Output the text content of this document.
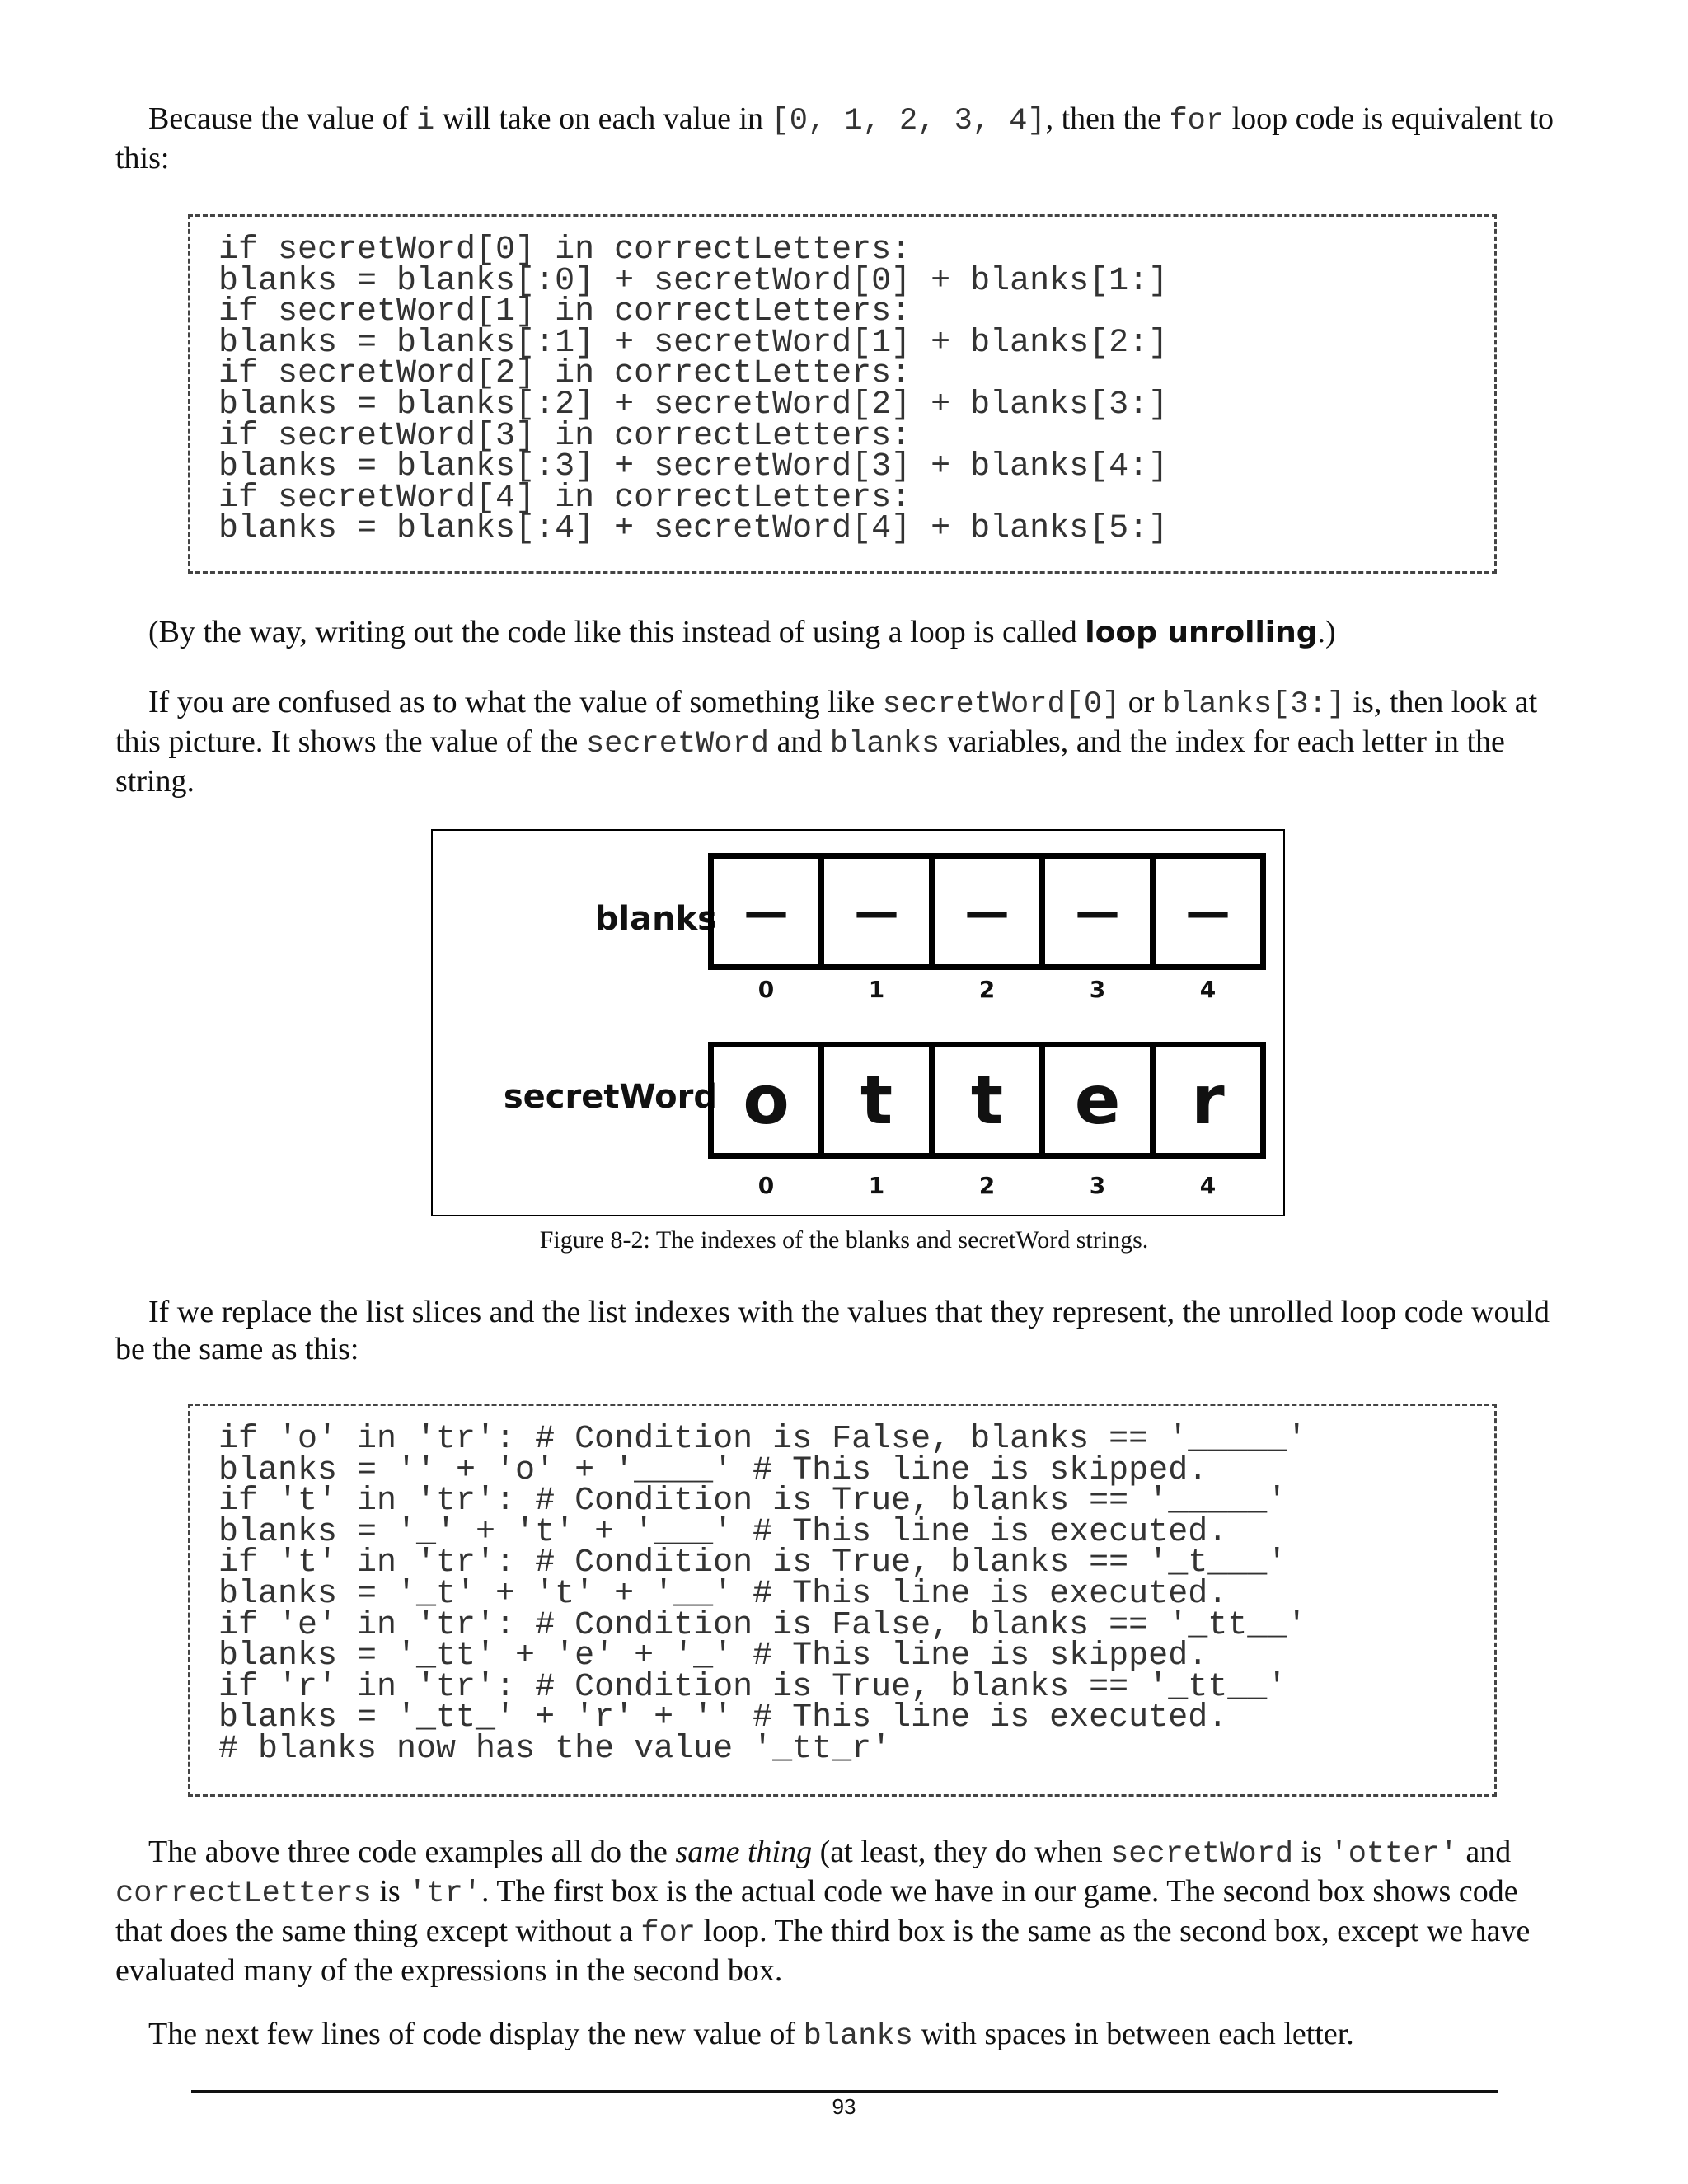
Because the value of i will take on each value in [0, 1, 2, 3, 4], then the for loop code is equivalent to this:

if secretWord[0] in correctLetters:
blanks = blanks[:0] + secretWord[0] + blanks[1:]
if secretWord[1] in correctLetters:
blanks = blanks[:1] + secretWord[1] + blanks[2:]
if secretWord[2] in correctLetters:
blanks = blanks[:2] + secretWord[2] + blanks[3:]
if secretWord[3] in correctLetters:
blanks = blanks[:3] + secretWord[3] + blanks[4:]
if secretWord[4] in correctLetters:
blanks = blanks[:4] + secretWord[4] + blanks[5:]

(By the way, writing out the code like this instead of using a loop is called loop unrolling.)

If you are confused as to what the value of something like secretWord[0] or blanks[3:] is, then look at this picture. It shows the value of the secretWord and blanks variables, and the index for each letter in the string.

blanks —	—	—	—	—
0	1	2	3	4
secretWord o	t	t	e	r
0	1	2	3	4
Figure 8-2: The indexes of the blanks and secretWord strings.

If we replace the list slices and the list indexes with the values that they represent, the unrolled loop code would be the same as this:

if 'o' in 'tr': # Condition is False, blanks == '_____'
blanks = '' + 'o' + '____' # This line is skipped.
if 't' in 'tr': # Condition is True, blanks == '_____'
blanks = '_' + 't' + '___' # This line is executed.
if 't' in 'tr': # Condition is True, blanks == '_t___'
blanks = '_t' + 't' + '__' # This line is executed.
if 'e' in 'tr': # Condition is False, blanks == '_tt__'
blanks = '_tt' + 'e' + '_' # This line is skipped.
if 'r' in 'tr': # Condition is True, blanks == '_tt__'
blanks = '_tt_' + 'r' + '' # This line is executed.
# blanks now has the value '_tt_r'

The above three code examples all do the same thing (at least, they do when secretWord is 'otter' and correctLetters is 'tr'. The first box is the actual code we have in our game. The second box shows code that does the same thing except without a for loop. The third box is the same as the second box, except we have evaluated many of the expressions in the second box.

The next few lines of code display the new value of blanks with spaces in between each letter.

93
